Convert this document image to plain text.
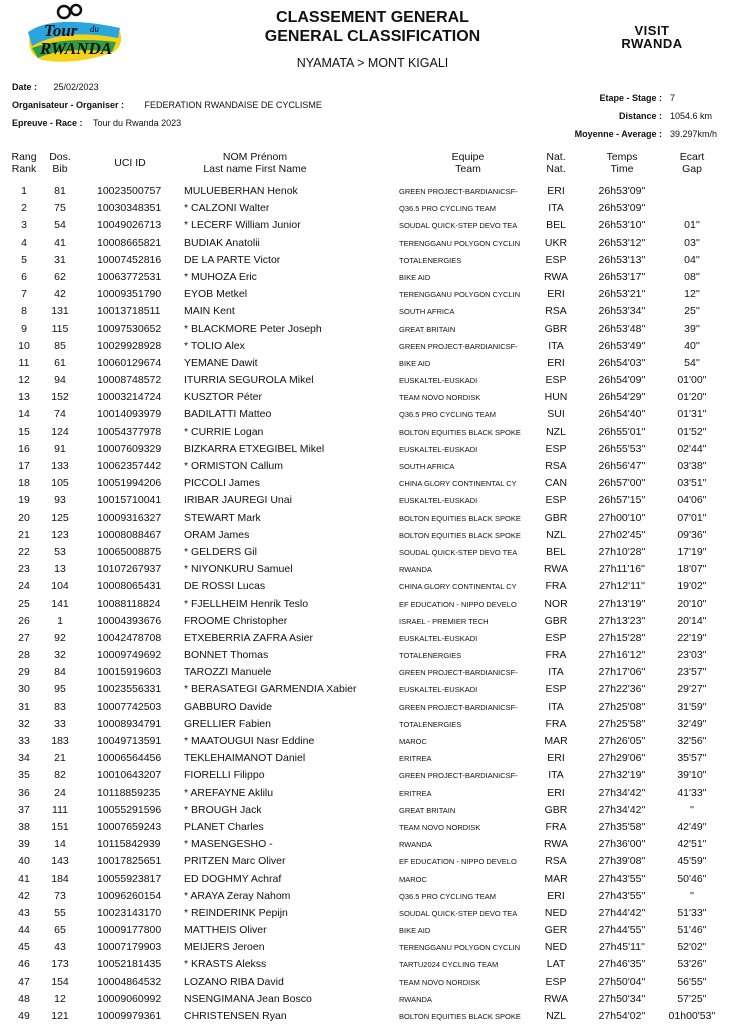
Tour du
RWANDA
CLASSEMENT GENERAL
GENERAL CLASSIFICATION
NYAMATA > MONT KIGALI
VISIT
RWANDA
Date : 25/02/2023
Organisateur - Organiser : FEDERATION RWANDAISE DE CYCLISME
Epreuve - Race : Tour du Rwanda 2023
Etape - Stage : 7
Distance : 1054.6 km
Moyenne - Average : 39.297km/h
Rang
Rank
Dos.
Bib	UCI ID	NOM Prénom
Last name First Name
Equipe
Team
Nat.
Nat.
Temps
Time
Ecart
Gap
1	81	10023500757 MULUEBERHAN Henok	GREEN PROJECT-BARDIANICSF-	ERI	26h53'09''
2	75	10030348351 * CALZONI Walter	Q36.5 PRO CYCLING TEAM	ITA	26h53'09''
3	54	10049026713 * LECERF William Junior	SOUDAL QUICK-STEP DEVO TEA	BEL	26h53'10''	01''
4	41	10008665821 BUDIAK Anatolii	TERENGGANU POLYGON CYCLIN	UKR	26h53'12''	03''
5	31	10007452816 DE LA PARTE Victor	TOTALENERGIES	ESP	26h53'13''	04''
6	62	10063772531 * MUHOZA Eric	BIKE AID	RWA	26h53'17''	08''
7	42	10009351790 EYOB Metkel	TERENGGANU POLYGON CYCLIN	ERI	26h53'21''	12''
8	131	10013718511 MAIN Kent	SOUTH AFRICA	RSA	26h53'34''	25''
9	115	10097530652 * BLACKMORE Peter Joseph	GREAT BRITAIN	GBR	26h53'48''	39''
10	85	10029928928 * TOLIO Alex	GREEN PROJECT-BARDIANICSF-	ITA	26h53'49''	40''
11	61	10060129674 YEMANE Dawit	BIKE AID	ERI	26h54'03''	54''
12	94	10008748572 ITURRIA SEGUROLA Mikel	EUSKALTEL-EUSKADI	ESP	26h54'09''	01'00''
13	152	10003214724 KUSZTOR Péter	TEAM NOVO NORDISK	HUN	26h54'29''	01'20''
14	74	10014093979 BADILATTI Matteo	Q36.5 PRO CYCLING TEAM	SUI	26h54'40''	01'31''
15	124	10054377978 * CURRIE Logan	BOLTON EQUITIES BLACK SPOKE	NZL	26h55'01''	01'52''
16	91	10007609329 BIZKARRA ETXEGIBEL Mikel	EUSKALTEL-EUSKADI	ESP	26h55'53''	02'44''
17	133	10062357442 * ORMISTON Callum	SOUTH AFRICA	RSA	26h56'47''	03'38''
18	105	10051994206 PICCOLI James	CHINA GLORY CONTINENTAL CY	CAN	26h57'00''	03'51''
19	93	10015710041 IRIBAR JAUREGI Unai	EUSKALTEL-EUSKADI	ESP	26h57'15''	04'06''
20	125	10009316327 STEWART Mark	BOLTON EQUITIES BLACK SPOKE	GBR	27h00'10''	07'01''
21	123	10008088467 ORAM James	BOLTON EQUITIES BLACK SPOKE	NZL	27h02'45''	09'36''
22	53	10065008875 * GELDERS Gil	SOUDAL QUICK-STEP DEVO TEA	BEL	27h10'28''	17'19''
23	13	10107267937 * NIYONKURU Samuel	RWANDA	RWA	27h11'16''	18'07''
24	104	10008065431 DE ROSSI Lucas	CHINA GLORY CONTINENTAL CY	FRA	27h12'11''	19'02''
25	141	10088118824 * FJELLHEIM Henrik Teslo	EF EDUCATION - NIPPO DEVELO	NOR	27h13'19''	20'10''
26	1	10004393676 FROOME Christopher	ISRAEL - PREMIER TECH	GBR	27h13'23''	20'14''
27	92	10042478708 ETXEBERRIA ZAFRA Asier	EUSKALTEL-EUSKADI	ESP	27h15'28''	22'19''
28	32	10009749692 BONNET Thomas	TOTALENERGIES	FRA	27h16'12''	23'03''
29	84	10015919603 TAROZZI Manuele	GREEN PROJECT-BARDIANICSF-	ITA	27h17'06''	23'57''
30	95	10023556331 * BERASATEGI GARMENDIA Xabier	EUSKALTEL-EUSKADI	ESP	27h22'36''	29'27''
31	83	10007742503 GABBURO Davide	GREEN PROJECT-BARDIANICSF-	ITA	27h25'08''	31'59''
32	33	10008934791 GRELLIER Fabien	TOTALENERGIES	FRA	27h25'58''	32'49''
33	183	10049713591 * MAATOUGUI Nasr Eddine	MAROC	MAR	27h26'05''	32'56''
34	21	10006564456 TEKLEHAIMANOT Daniel	ERITREA	ERI	27h29'06''	35'57''
35	82	10010643207 FIORELLI Filippo	GREEN PROJECT-BARDIANICSF-	ITA	27h32'19''	39'10''
36	24	10118859235 * AREFAYNE Aklilu	ERITREA	ERI	27h34'42''	41'33''
37	111	10055291596 * BROUGH Jack	GREAT BRITAIN	GBR	27h34'42''	''
38	151	10007659243 PLANET Charles	TEAM NOVO NORDISK	FRA	27h35'58''	42'49''
39	14	10115842939 * MASENGESHO -	RWANDA	RWA	27h36'00''	42'51''
40	143	10017825651 PRITZEN Marc Oliver	EF EDUCATION - NIPPO DEVELO	RSA	27h39'08''	45'59''
41	184	10055923817 ED DOGHMY Achraf	MAROC	MAR	27h43'55''	50'46''
42	73	10096260154 * ARAYA Zeray Nahom	Q36.5 PRO CYCLING TEAM	ERI	27h43'55''	''
43	55	10023143170 * REINDERINK Pepijn	SOUDAL QUICK-STEP DEVO TEA	NED	27h44'42''	51'33''
44	65	10009177800 MATTHEIS Oliver	BIKE AID	GER	27h44'55''	51'46''
45	43	10007179903 MEIJERS Jeroen	TERENGGANU POLYGON CYCLIN	NED	27h45'11''	52'02''
46	173	10052181435 * KRASTS Alekss	TARTU2024 CYCLING TEAM	LAT	27h46'35''	53'26''
47	154	10004864532 LOZANO RIBA David	TEAM NOVO NORDISK	ESP	27h50'04''	56'55''
48	12	10009060992 NSENGIMANA Jean Bosco	RWANDA	RWA	27h50'34''	57'25''
49	121	10009979361 CHRISTENSEN Ryan	BOLTON EQUITIES BLACK SPOKE	NZL	27h54'02''	01h00'53''
